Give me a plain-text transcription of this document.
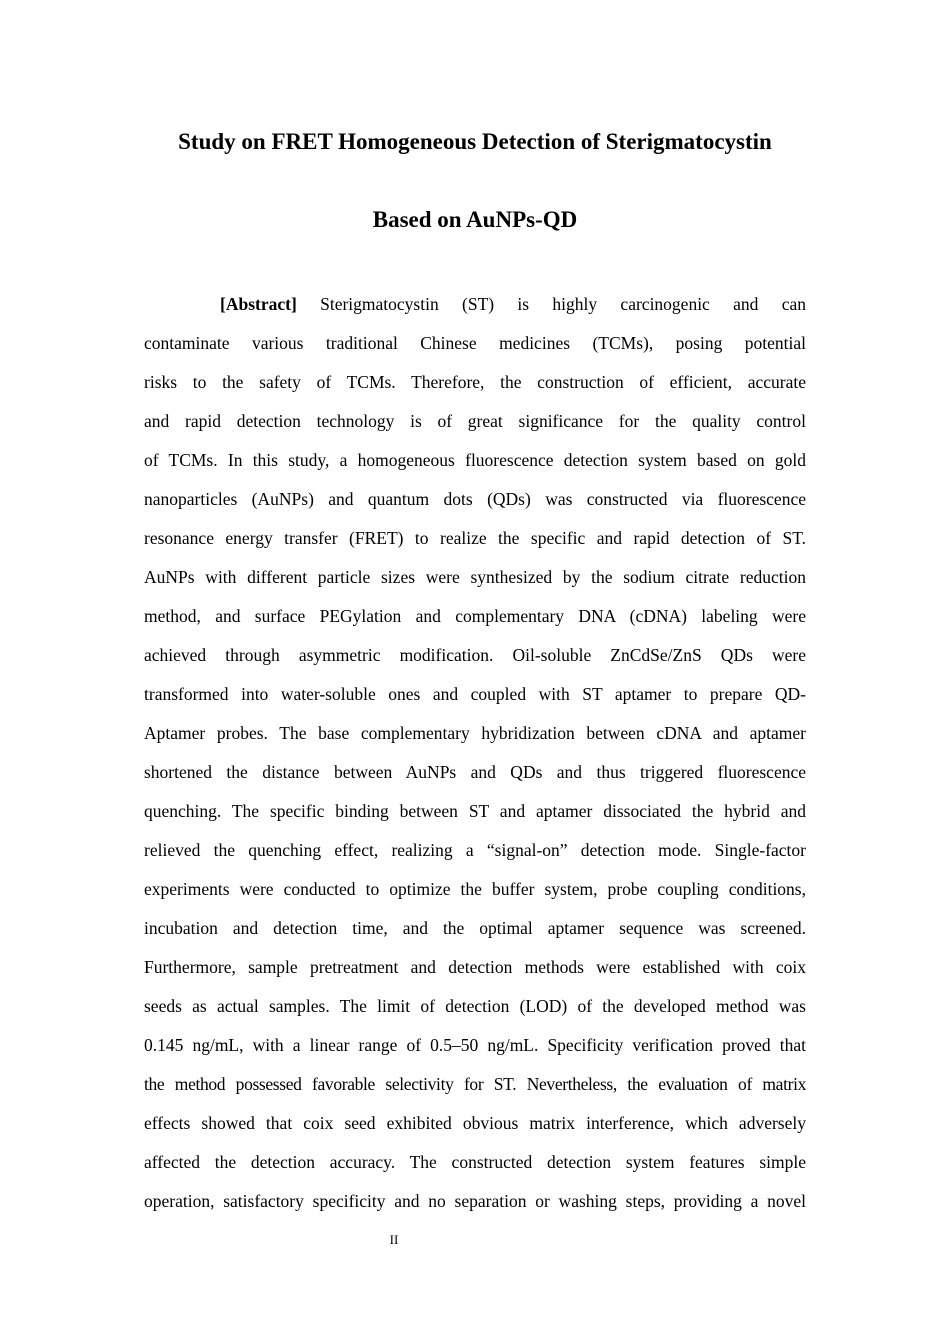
Study on FRET Homogeneous Detection of Sterigmatocystin
Based on AuNPs-QD
[Abstract] Sterigmatocystin (ST) is highly carcinogenic and can
contaminate various traditional Chinese medicines (TCMs), posing potential
risks to the safety of TCMs. Therefore, the construction of efficient, accurate
and rapid detection technology is of great significance for the quality control
of TCMs. In this study, a homogeneous fluorescence detection system based on gold
nanoparticles (AuNPs) and quantum dots (QDs) was constructed via fluorescence
resonance energy transfer (FRET) to realize the specific and rapid detection of ST.
AuNPs with different particle sizes were synthesized by the sodium citrate reduction
method, and surface PEGylation and complementary DNA (cDNA) labeling were
achieved through asymmetric modification. Oil-soluble ZnCdSe/ZnS QDs were
transformed into water-soluble ones and coupled with ST aptamer to prepare QD-
Aptamer probes. The base complementary hybridization between cDNA and aptamer
shortened the distance between AuNPs and QDs and thus triggered fluorescence
quenching. The specific binding between ST and aptamer dissociated the hybrid and
relieved the quenching effect, realizing a “signal-on” detection mode. Single-factor
experiments were conducted to optimize the buffer system, probe coupling conditions,
incubation and detection time, and the optimal aptamer sequence was screened.
Furthermore, sample pretreatment and detection methods were established with coix
seeds as actual samples. The limit of detection (LOD) of the developed method was
0.145 ng/mL, with a linear range of 0.5–50 ng/mL. Specificity verification proved that
the method possessed favorable selectivity for ST. Nevertheless, the evaluation of matrix
effects showed that coix seed exhibited obvious matrix interference, which adversely
affected the detection accuracy. The constructed detection system features simple
operation, satisfactory specificity and no separation or washing steps, providing a novel
II
